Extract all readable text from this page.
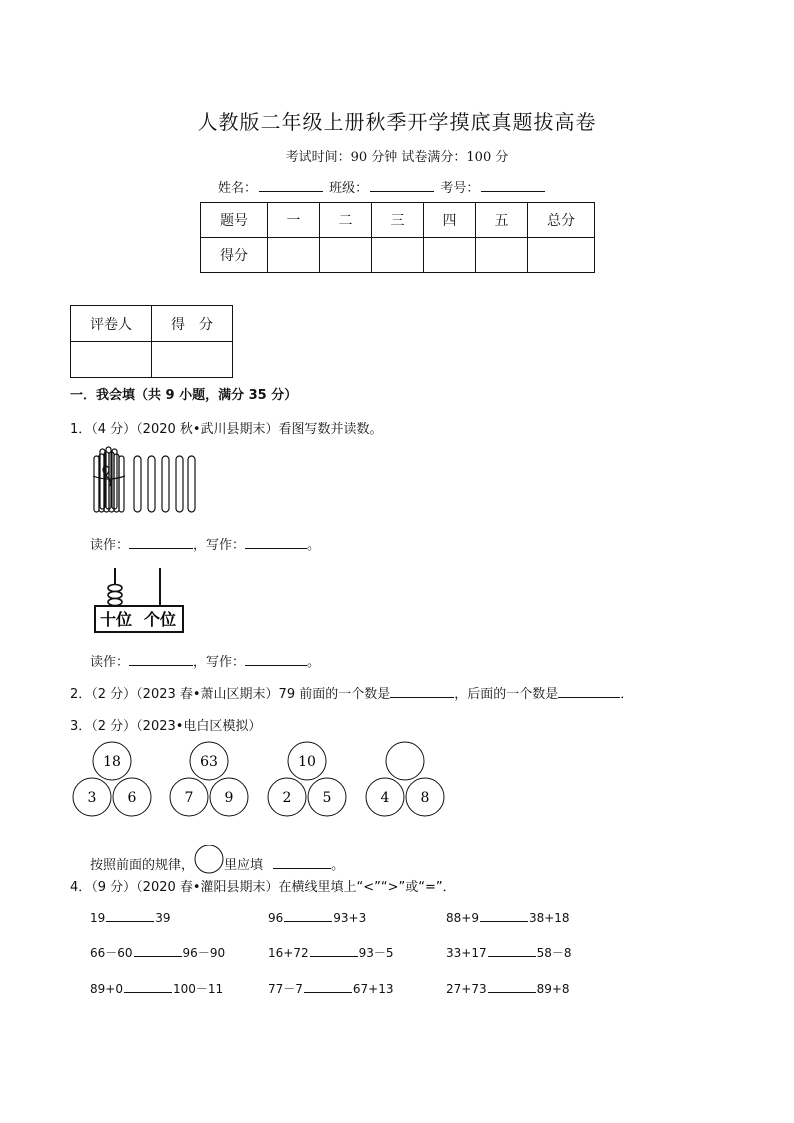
人教版二年级上册秋季开学摸底真题拔高卷
考试时间：90 分钟 试卷满分：100 分
姓名：	班级：	考号：
题号	一	二	三	四	五	总分
得分						
评卷人	得　分

一．我会填（共 9 小题，满分 35 分）
1．（4 分）（2020 秋•武川县期末）看图写数并读数。
读作：	，写作：	。
十位 个位
读作：	，写作：	。
2．（2 分）（2023 春•萧山区期末）79 前面的一个数是	，后面的一个数是	．
3．（2 分）（2023•电白区模拟）
18
3 6
63
7 9
10
2 5	4 8
按照前面的规律， 里应填	。
4．（9 分）（2020 春•灌阳县期末）在横线里填上“<”“>”或“=”．
19	39	96	93+3	88+9	38+18
66－60	96－90	16+72	93－5	33+17	58－8
89+0	100－11	77－7	67+13	27+73	89+8
